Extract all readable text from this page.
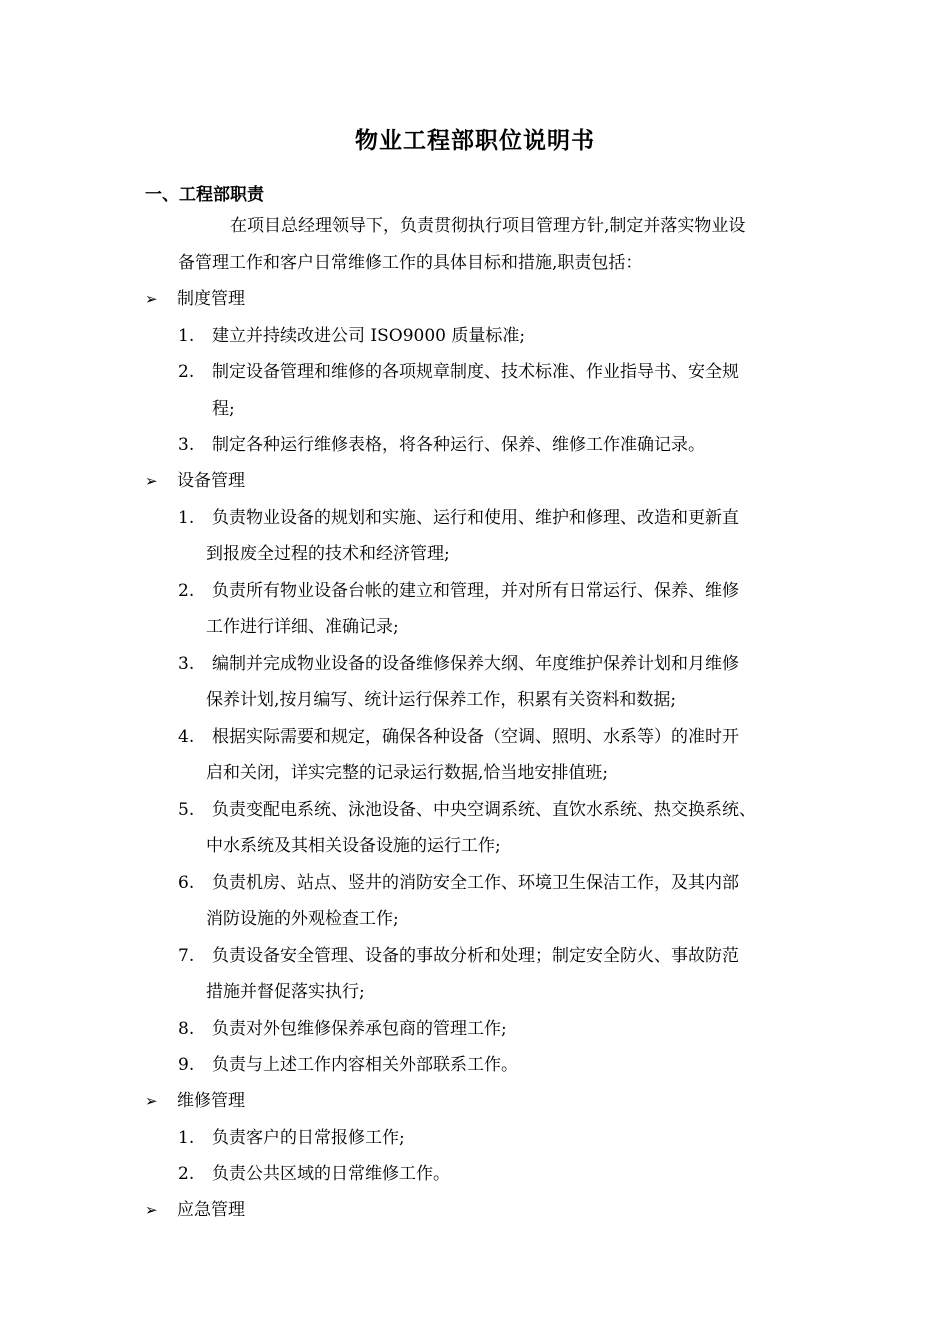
物业工程部职位说明书
一、工程部职责
在项目总经理领导下，负责贯彻执行项目管理方针,制定并落实物业设
备管理工作和客户日常维修工作的具体目标和措施,职责包括：
➢ 制度管理
1. 建立并持续改进公司 ISO9000 质量标准;
2. 制定设备管理和维修的各项规章制度、技术标准、作业指导书、安全规
程;
3. 制定各种运行维修表格，将各种运行、保养、维修工作准确记录。
➢ 设备管理
1. 负责物业设备的规划和实施、运行和使用、维护和修理、改造和更新直
到报废全过程的技术和经济管理;
2. 负责所有物业设备台帐的建立和管理，并对所有日常运行、保养、维修
工作进行详细、准确记录;
3. 编制并完成物业设备的设备维修保养大纲、年度维护保养计划和月维修
保养计划,按月编写、统计运行保养工作，积累有关资料和数据;
4. 根据实际需要和规定，确保各种设备（空调、照明、水系等）的准时开
启和关闭，详实完整的记录运行数据,恰当地安排值班;
5. 负责变配电系统、泳池设备、中央空调系统、直饮水系统、热交换系统、
中水系统及其相关设备设施的运行工作;
6. 负责机房、站点、竖井的消防安全工作、环境卫生保洁工作，及其内部
消防设施的外观检查工作;
7. 负责设备安全管理、设备的事故分析和处理；制定安全防火、事故防范
措施并督促落实执行;
8. 负责对外包维修保养承包商的管理工作;
9. 负责与上述工作内容相关外部联系工作。
➢ 维修管理
1. 负责客户的日常报修工作;
2. 负责公共区域的日常维修工作。
➢ 应急管理
